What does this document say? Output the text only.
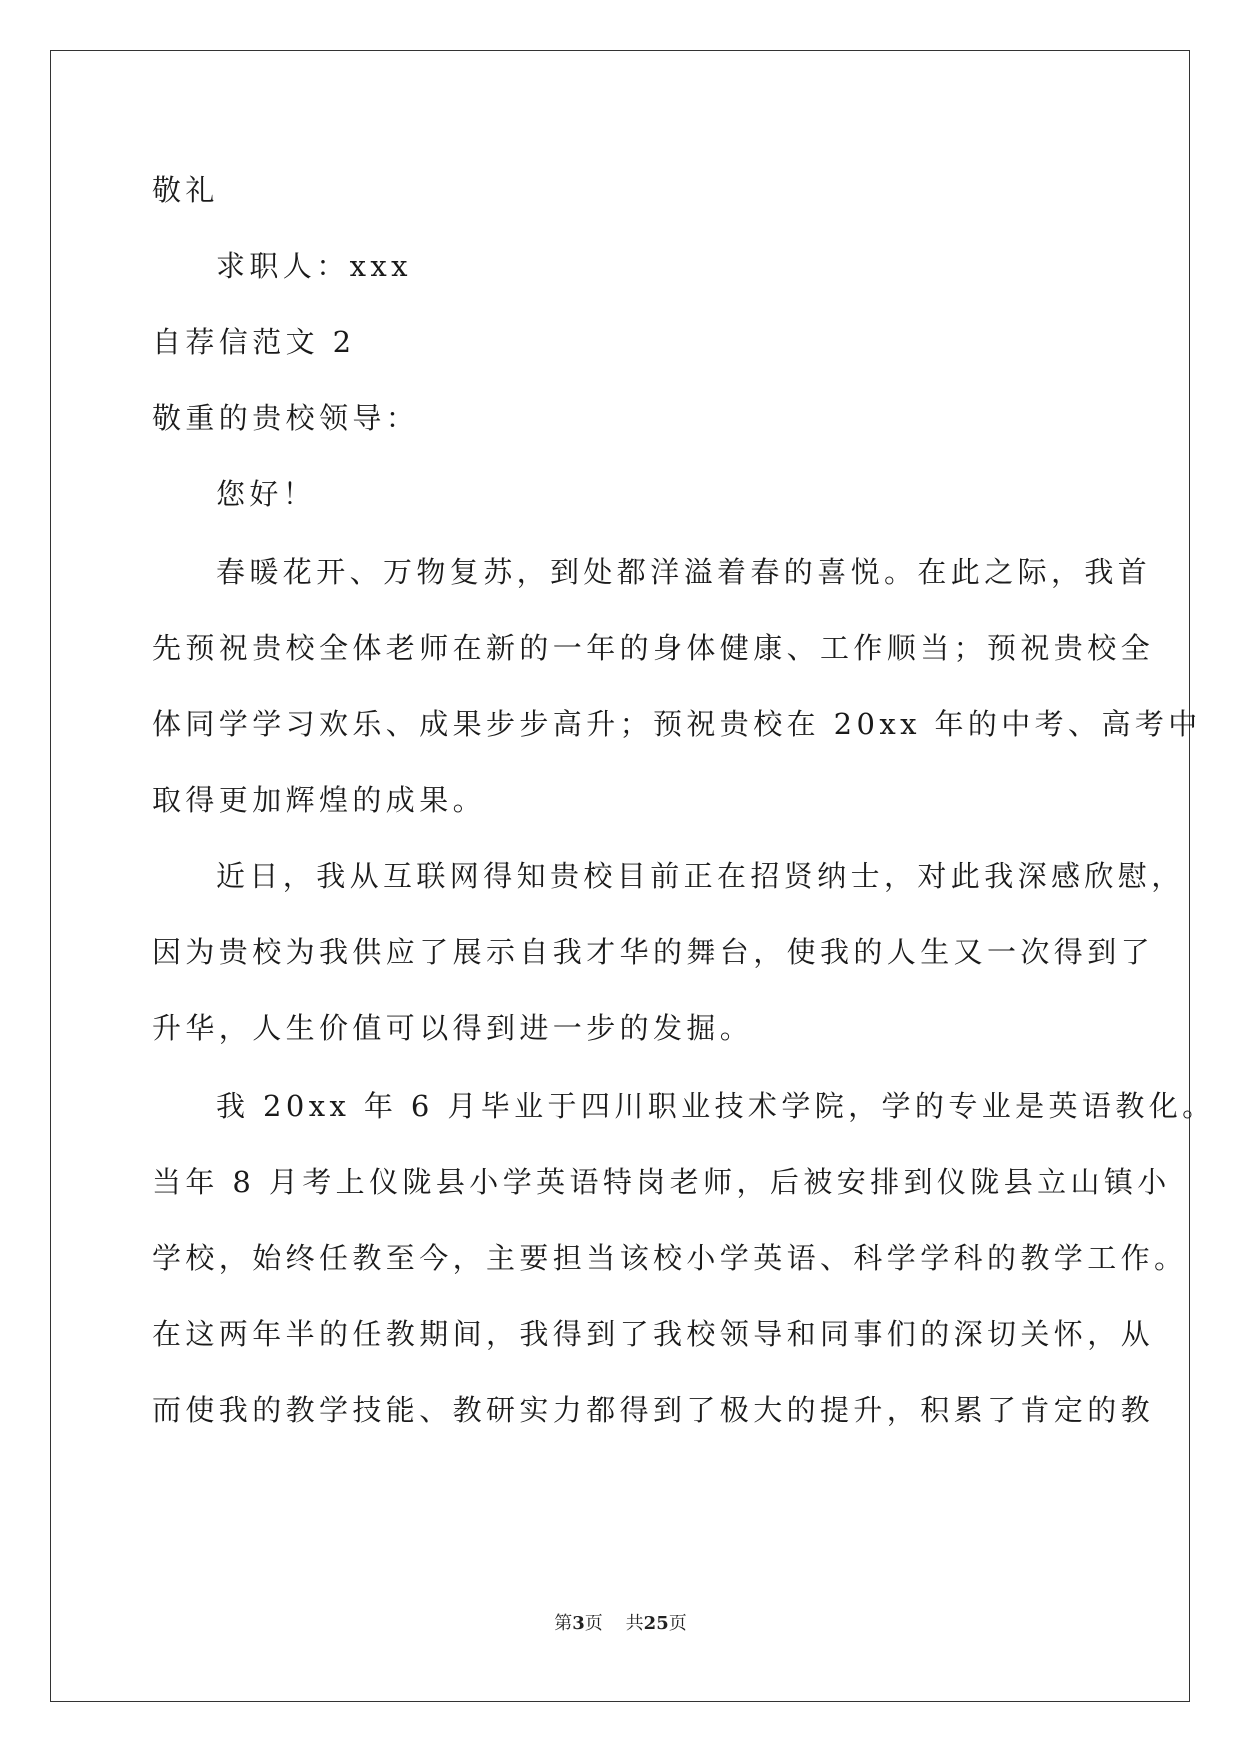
敬礼
求职人：xxx
自荐信范文 2
敬重的贵校领导：
您好！
春暖花开、万物复苏，到处都洋溢着春的喜悦。在此之际，我首
先预祝贵校全体老师在新的一年的身体健康、工作顺当；预祝贵校全
体同学学习欢乐、成果步步高升；预祝贵校在 20xx 年的中考、高考中
取得更加辉煌的成果。
近日，我从互联网得知贵校目前正在招贤纳士，对此我深感欣慰，
因为贵校为我供应了展示自我才华的舞台，使我的人生又一次得到了
升华，人生价值可以得到进一步的发掘。
我 20xx 年 6 月毕业于四川职业技术学院，学的专业是英语教化。
当年 8 月考上仪陇县小学英语特岗老师，后被安排到仪陇县立山镇小
学校，始终任教至今，主要担当该校小学英语、科学学科的教学工作。
在这两年半的任教期间，我得到了我校领导和同事们的深切关怀，从
而使我的教学技能、教研实力都得到了极大的提升，积累了肯定的教
第3页 共25页
